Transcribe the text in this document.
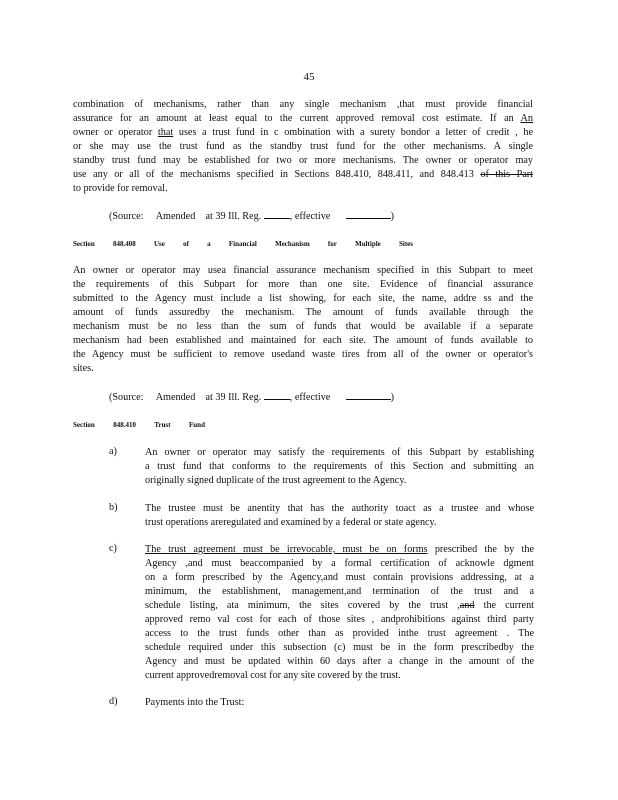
45
combination of mechanisms, rather than any single mechanism ,that must provide financial
assurance for an amount at least equal to the current approved removal cost estimate. If an An
owner or operator that uses a trust fund in c ombination with a surety bondor a letter of credit , he
or she may use the trust fund as the standby trust fund for the other mechanisms. A single
standby trust fund may be established for two or more mechanisms. The owner or operator may
use any or all of the mechanisms specified in Sections 848.410, 848.411, and 848.413 of this Part
to provide for removal.
(Source: Amended at 39 Ill. Reg.	, effective	)
Section	848.408	Use	of	a	Financial	Mechanism	for	Multiple	Sites
An owner or operator may usea financial assurance mechanism specified in this Subpart to meet
the requirements of this Subpart for more than one site. Evidence of financial assurance
submitted to the Agency must include a list showing, for each site, the name, addre ss and the
amount of funds assuredby the mechanism. The amount of funds available through the
mechanism must be no less than the sum of funds that would be available if a separate
mechanism had been established and maintained for each site. The amount of funds available to
the Agency must be sufficient to remove usedand waste tires from all of the owner or operator's
sites.
(Source: Amended at 39 Ill. Reg.	, effective	)
Section	848.410	Trust	Fund
a)	An owner or operator may satisfy the requirements of this Subpart by establishing
a trust fund that conforms to the requirements of this Section and submitting an
originally signed duplicate of the trust agreement to the Agency.
b)	The trustee must be anentity that has the authority toact as a trustee and whose
trust operations areregulated and examined by a federal or state agency.
c)	The trust agreement must be irrevocable, must be on forms prescribed the by the
Agency ,and must beaccompanied by a formal certification of acknowle dgment
on a form prescribed by the Agency,and must contain provisions addressing, at a
minimum, the establishment, management,and termination of the trust and a
schedule listing, ata minimum, the sites covered by the trust ,and the current
approved remo val cost for each of those sites , andprohibitions against third party
access to the trust funds other than as provided inthe trust agreement . The
schedule required under this subsection (c) must be in the form prescribedby the
Agency and must be updated within 60 days after a change in the amount of the
current approvedremoval cost for any site covered by the trust.
d)	Payments into the Trust:
